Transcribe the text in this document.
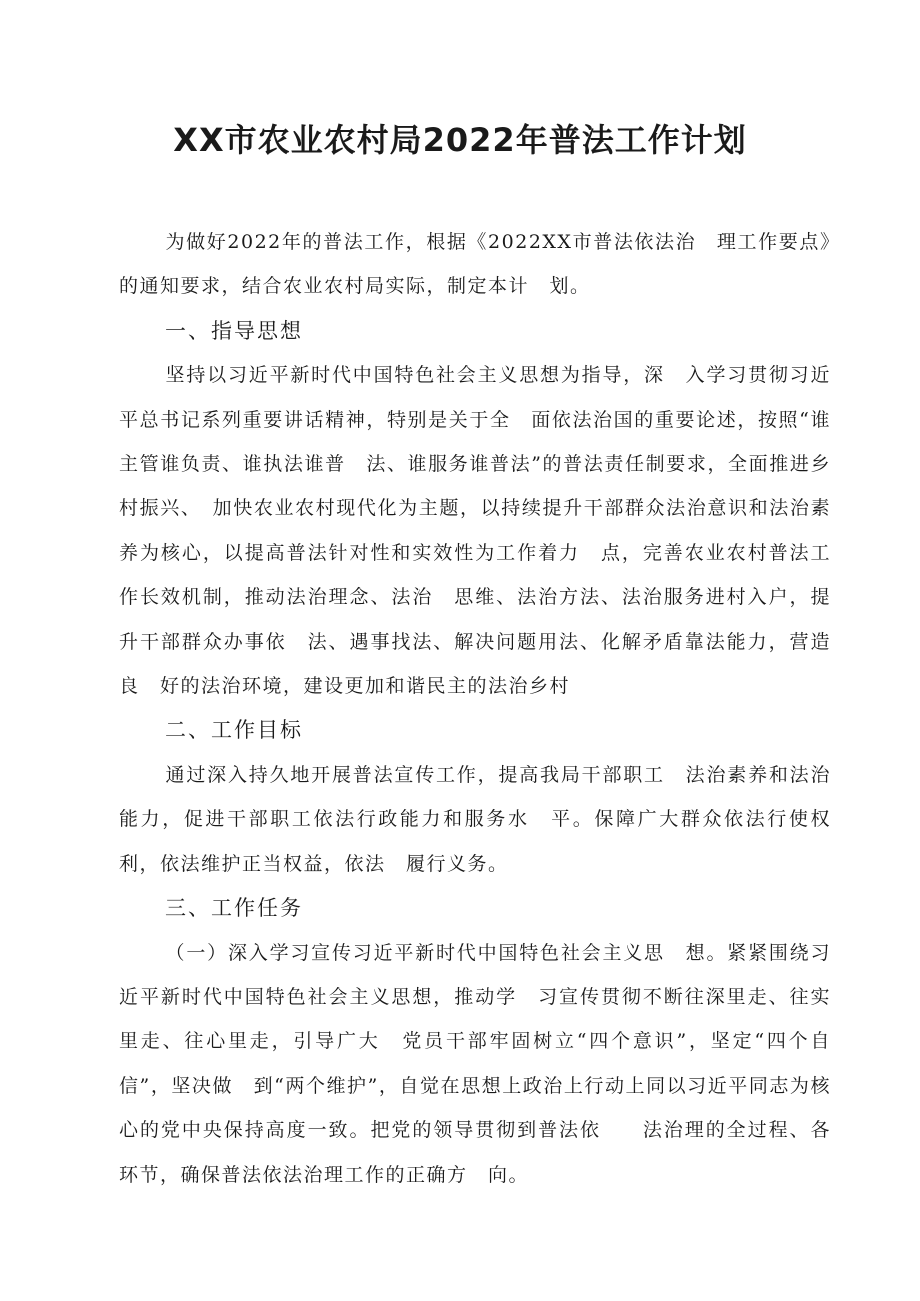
XX市农业农村局2022年普法工作计划

为做好2022年的普法工作，根据《2022XX市普法依法治　理工作要点》的通知要求，结合农业农村局实际，制定本计　划。

一、指导思想

坚持以习近平新时代中国特色社会主义思想为指导，深　入学习贯彻习近平总书记系列重要讲话精神，特别是关于全　面依法治国的重要论述，按照“谁主管谁负责、谁执法谁普　法、谁服务谁普法”的普法责任制要求，全面推进乡村振兴、　加快农业农村现代化为主题，以持续提升干部群众法治意识和法治素养为核心，以提高普法针对性和实效性为工作着力　点，完善农业农村普法工作长效机制，推动法治理念、法治　思维、法治方法、法治服务进村入户，提升干部群众办事依　法、遇事找法、解决问题用法、化解矛盾靠法能力，营造良　好的法治环境，建设更加和谐民主的法治乡村

二、工作目标

通过深入持久地开展普法宣传工作，提高我局干部职工　法治素养和法治能力，促进干部职工依法行政能力和服务水　平。保障广大群众依法行使权利，依法维护正当权益，依法　履行义务。

三、工作任务

（一）深入学习宣传习近平新时代中国特色社会主义思　想。紧紧围绕习近平新时代中国特色社会主义思想，推动学　习宣传贯彻不断往深里走、往实里走、往心里走，引导广大　党员干部牢固树立“四个意识”，坚定“四个自信”，坚决做　到“两个维护”，自觉在思想上政治上行动上同以习近平同志为核心的党中央保持高度一致。把党的领导贯彻到普法依　　法治理的全过程、各环节，确保普法依法治理工作的正确方　向。
